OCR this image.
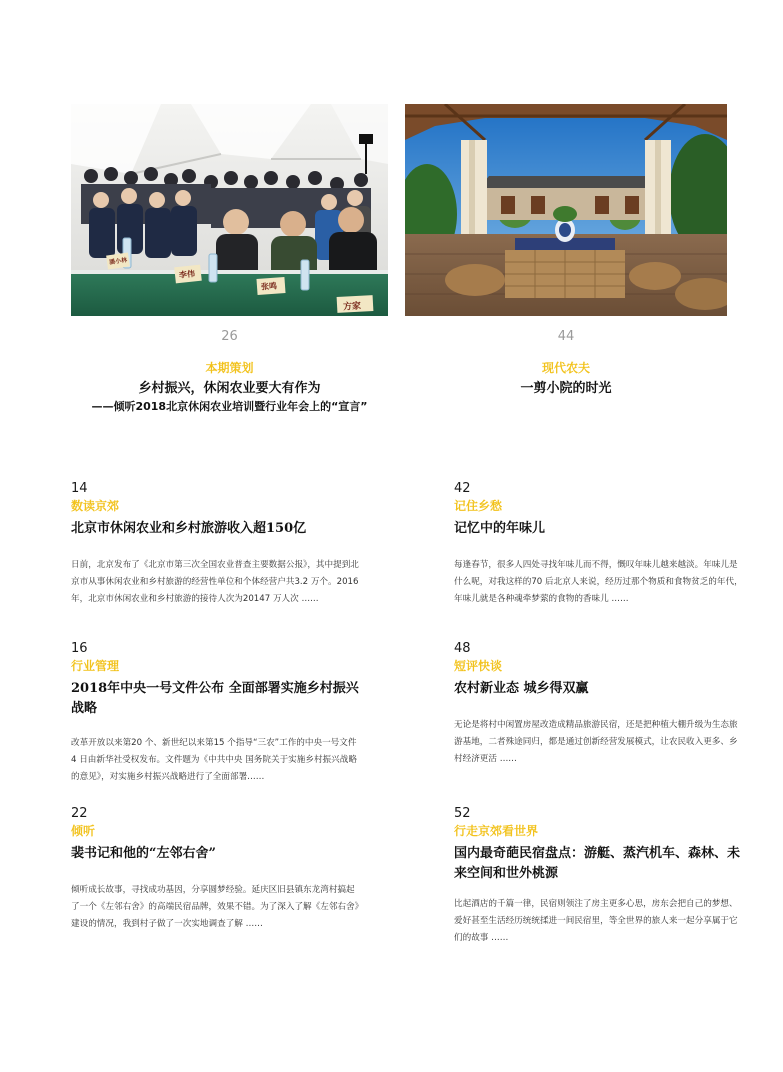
潘小林
李伟
张鸣
方家
26
本期策划
乡村振兴，休闲农业要大有作为
——倾听2018北京休闲农业培训暨行业年会上的“宣言”
44
现代农夫
一剪小院的时光
14
数读京郊
北京市休闲农业和乡村旅游收入超150亿
日前，北京发布了《北京市第三次全国农业普查主要数据公报》，其中提到北京市从事休闲农业和乡村旅游的经营性单位和个体经营户共3.2 万个。2016 年，北京市休闲农业和乡村旅游的接待人次为20147 万人次 ……
16
行业管理
2018年中央一号文件公布 全面部署实施乡村振兴战略
改革开放以来第20 个、新世纪以来第15 个指导“三农”工作的中央一号文件4 日由新华社受权发布。文件题为《中共中央 国务院关于实施乡村振兴战略的意见》，对实施乡村振兴战略进行了全面部署……
22
倾听
裴书记和他的“左邻右舍”
倾听成长故事，寻找成功基因，分享圆梦经验。延庆区旧县镇东龙湾村搞起了一个《左邻右舍》的高端民宿品牌，效果不错。为了深入了解《左邻右舍》建设的情况，我到村子做了一次实地调查了解 ……
42
记住乡愁
记忆中的年味儿
每逢春节，很多人四处寻找年味儿而不得，慨叹年味儿越来越淡。年味儿是什么呢，对我这样的70 后北京人来说，经历过那个物质和食物贫乏的年代，年味儿就是各种魂牵梦萦的食物的香味儿 ……
48
短评快谈
农村新业态 城乡得双赢
无论是将村中闲置房屋改造成精品旅游民宿，还是把种植大棚升级为生态旅游基地，二者殊途同归，都是通过创新经营发展模式，让农民收入更多、乡村经济更活 ……
52
行走京郊看世界
国内最奇葩民宿盘点：游艇、蒸汽机车、森林、未来空间和世外桃源
比起酒店的千篇一律，民宿则领注了房主更多心思，房东会把自己的梦想、爱好甚至生活经历统统揉进一间民宿里，等全世界的旅人来一起分享属于它们的故事 ……
